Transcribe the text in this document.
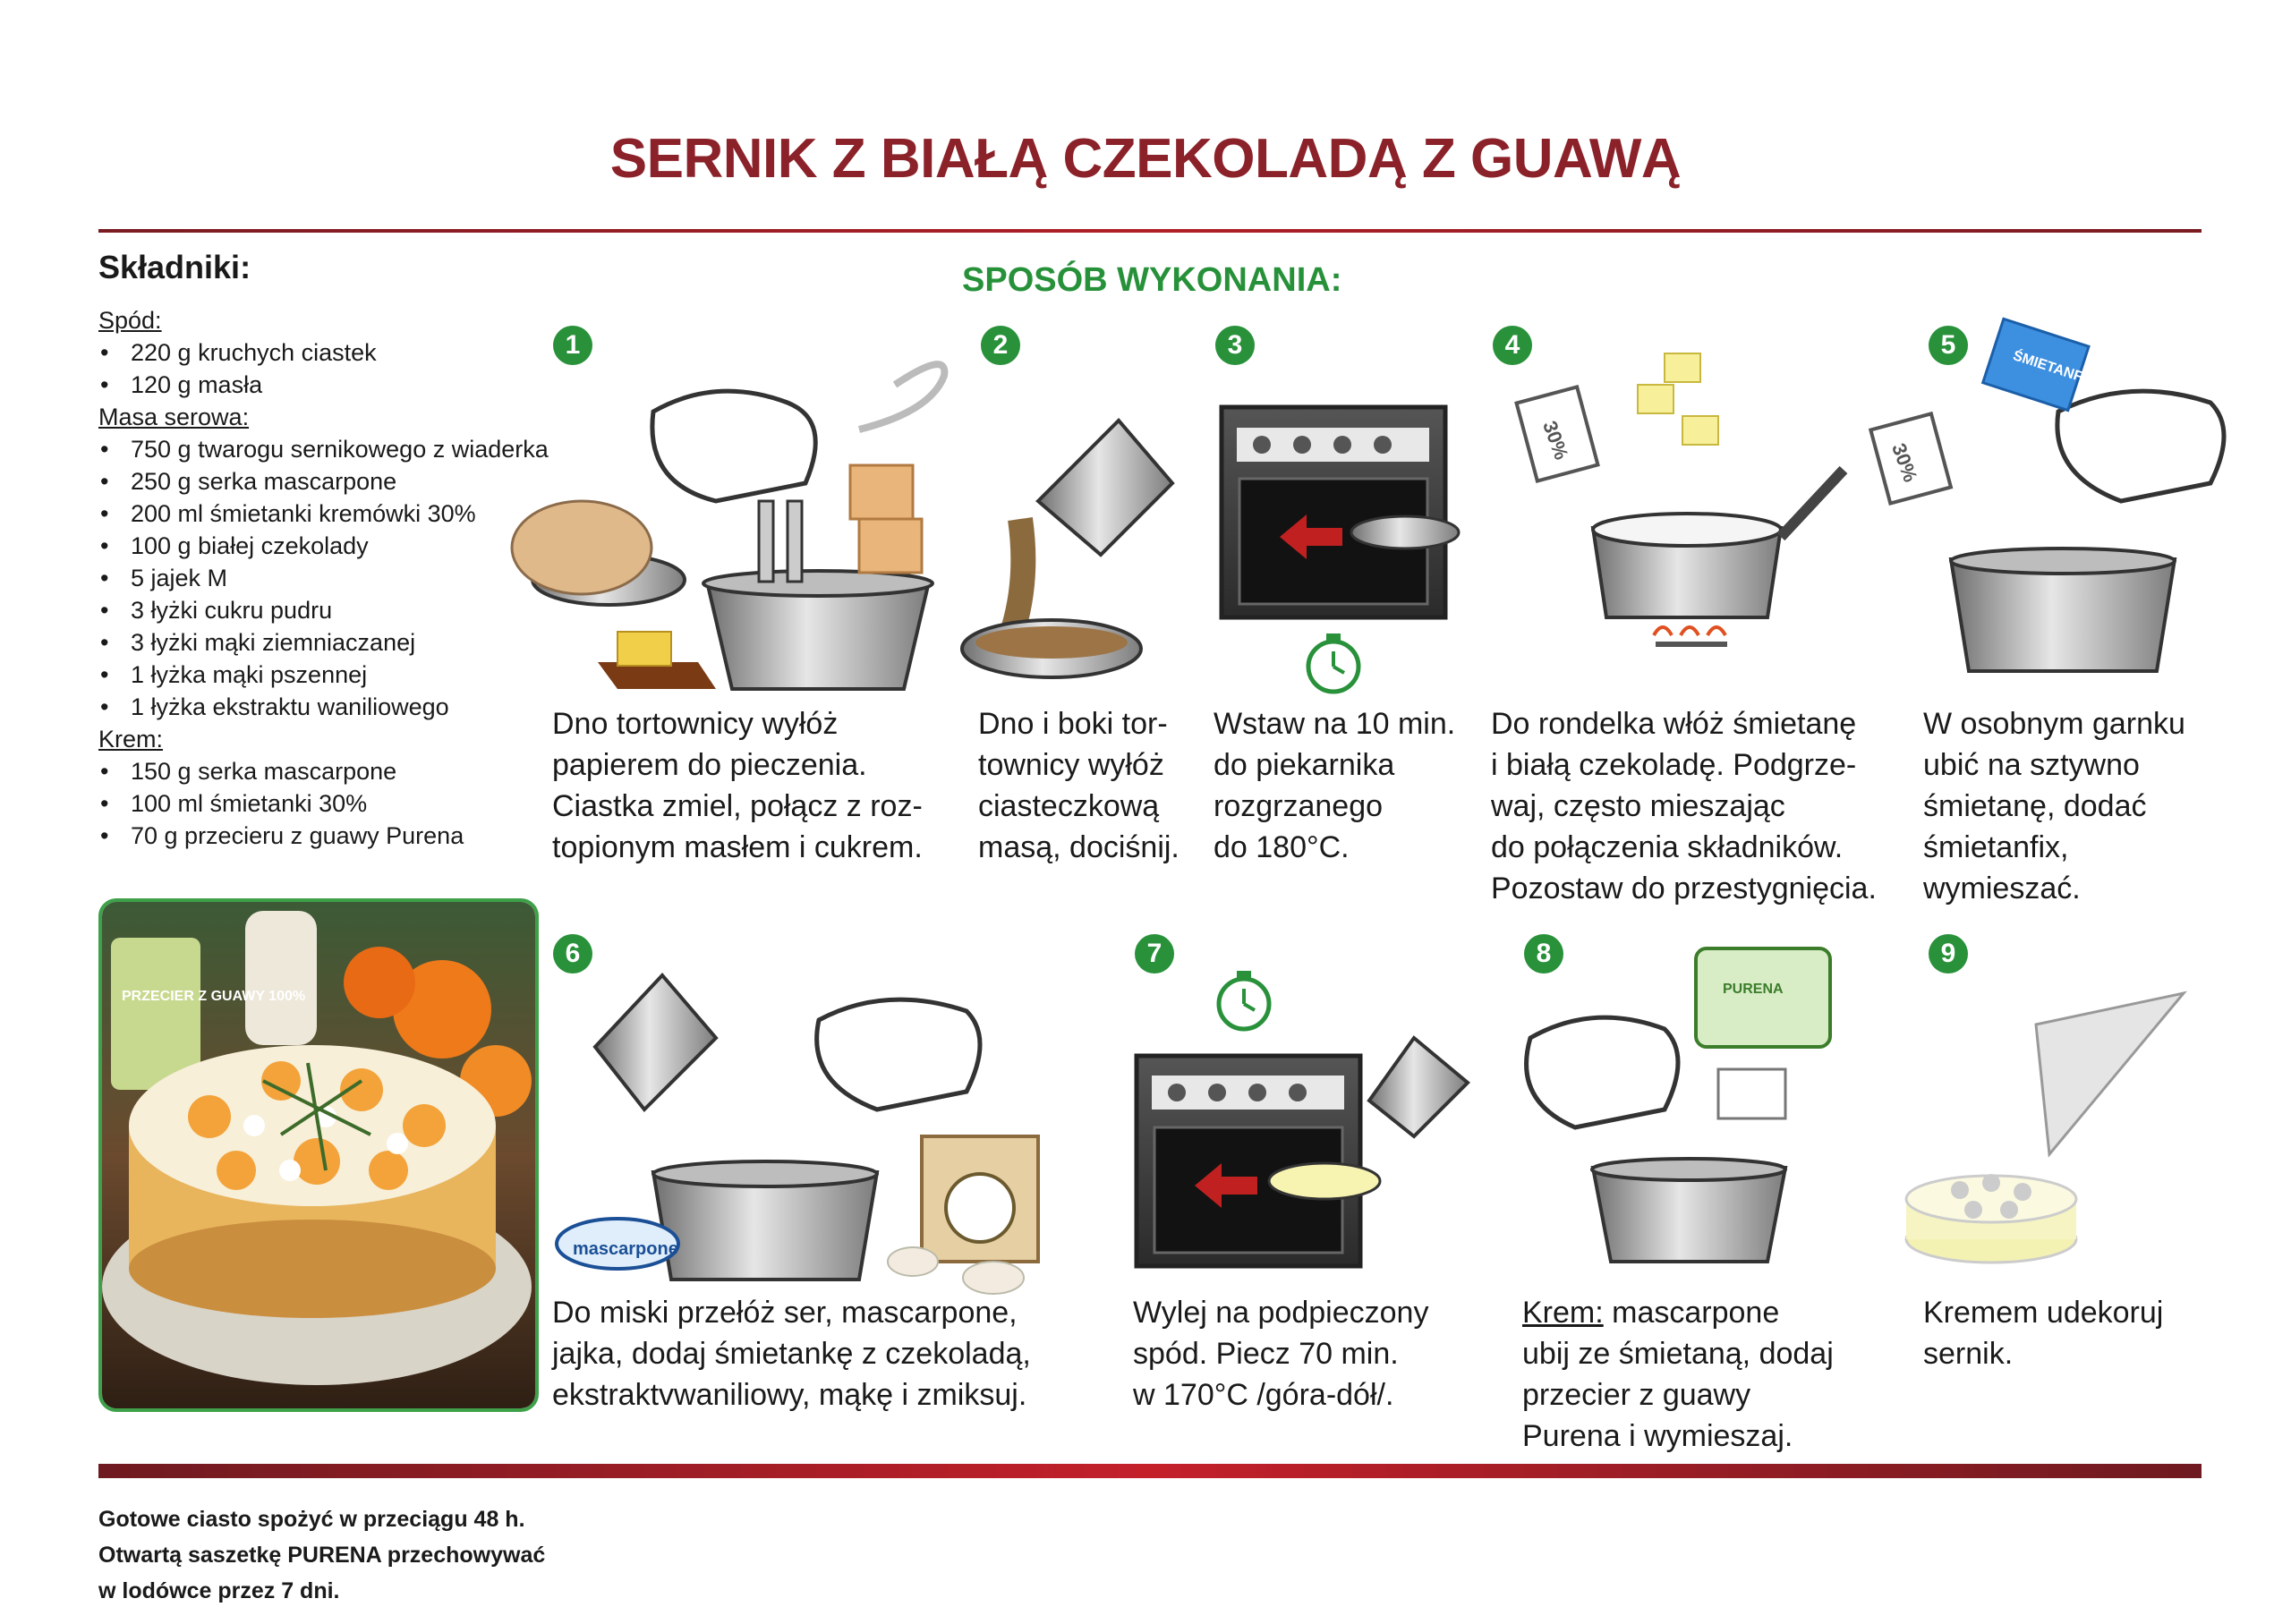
SERNIK Z BIAŁĄ CZEKOLADĄ Z GUAWĄ
Składniki:
Spód:
• 220 g kruchych ciastek
• 120 g masła
Masa serowa:
• 750 g twarogu sernikowego z wiaderka
• 250 g serka mascarpone
• 200 ml śmietanki kremówki 30%
• 100 g białej czekolady
• 5 jajek M
• 3 łyżki cukru pudru
• 3 łyżki mąki ziemniaczanej
• 1 łyżka mąki pszennej
• 1 łyżka ekstraktu waniliowego
Krem:
• 150 g serka mascarpone
• 100 ml śmietanki 30%
• 70 g przecieru z guawy Purena
SPOSÓB WYKONANIA:
1	2	3	4	5
6	7	8	9
ŚMIETANFIX
30%
30%
mascarpone
PURENA
Dno tortownicy wyłóż
papierem do pieczenia.
Ciastka zmiel, połącz z roz-
topionym masłem i cukrem.
Dno i boki tor-
townicy wyłóż
ciasteczkową
masą, dociśnij.
Wstaw na 10 min.
do piekarnika
rozgrzanego
do 180°C.
Do rondelka włóż śmietanę
i białą czekoladę. Podgrze-
waj, często mieszając
do połączenia składników.
Pozostaw do przestygnięcia.
W osobnym garnku
ubić na sztywno
śmietanę, dodać
śmietanfix,
wymieszać.
Do miski przełóż ser, mascarpone,
jajka, dodaj śmietankę z czekoladą,
ekstraktvwaniliowy, mąkę i zmiksuj.
Wylej na podpieczony
spód. Piecz 70 min.
w 170°C /góra-dół/.
Krem: mascarpone
ubij ze śmietaną, dodaj
przecier z guawy
Purena i wymieszaj.
Kremem udekoruj
sernik.
PRZECIER Z GUAWY 100%
Gotowe ciasto spożyć w przeciągu 48 h.
Otwartą saszetkę PURENA przechowywać
w lodówce przez 7 dni.
